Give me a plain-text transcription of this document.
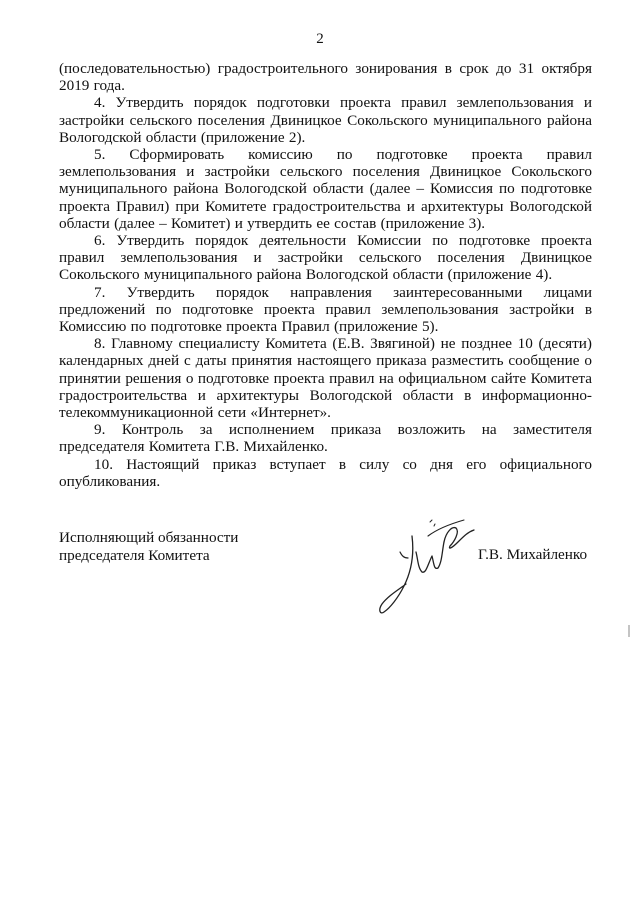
2

(последовательностью) градостроительного зонирования в срок до 31 октября 2019 года.

4. Утвердить порядок подготовки проекта правил землепользования и застройки сельского поселения Двиницкое Сокольского муниципального района Вологодской области (приложение 2).

5. Сформировать комиссию по подготовке проекта правил землепользования и застройки сельского поселения Двиницкое Сокольского муниципального района Вологодской области (далее – Комиссия по подготовке проекта Правил) при Комитете градостроительства и архитектуры Вологодской области (далее – Комитет) и утвердить ее состав (приложение 3).

6. Утвердить порядок деятельности Комиссии по подготовке проекта правил землепользования и застройки сельского поселения Двиницкое Сокольского муниципального района Вологодской области (приложение 4).

7. Утвердить порядок направления заинтересованными лицами предложений по подготовке проекта правил землепользования застройки в Комиссию по подготовке проекта Правил (приложение 5).

8. Главному специалисту Комитета (Е.В. Звягиной) не позднее 10 (десяти) календарных дней с даты принятия настоящего приказа разместить сообщение о принятии решения о подготовке проекта правил на официальном сайте Комитета градостроительства и архитектуры Вологодской области в информационно-телекоммуникационной сети «Интернет».

9. Контроль за исполнением приказа возложить на заместителя председателя Комитета Г.В. Михайленко.

10. Настоящий приказ вступает в силу со дня его официального опубликования.

Исполняющий обязанности
председателя Комитета	Г.В. Михайленко
